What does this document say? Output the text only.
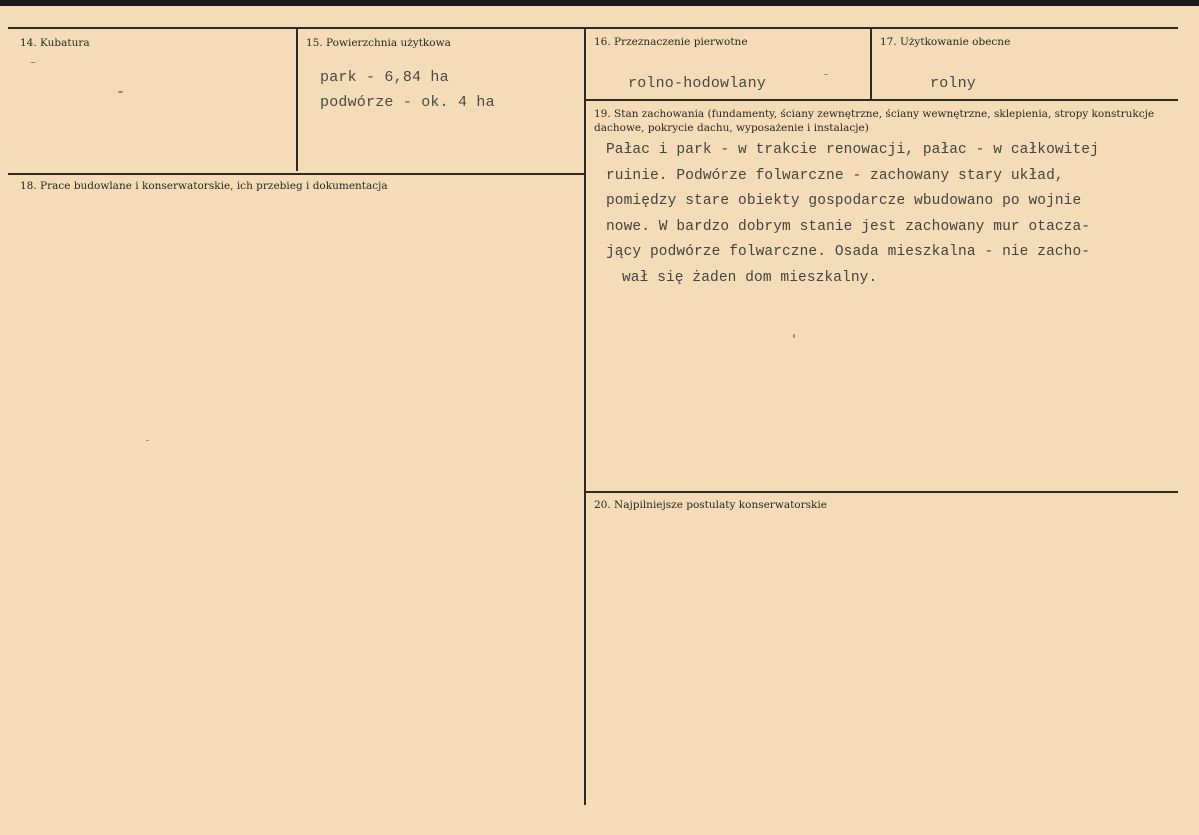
14. Kubatura
-
15. Powierzchnia użytkowa
park - 6,84 ha
podwórze - ok. 4 ha
16. Przeznaczenie pierwotne
rolno-hodowlany
17. Użytkowanie obecne
rolny
18. Prace budowlane i konserwatorskie, ich przebieg i dokumentacja
19. Stan zachowania (fundamenty, ściany zewnętrzne, ściany wewnętrzne, sklepienia, stropy konstrukcje dachowe, pokrycie dachu, wyposażenie i instalacje)
Pałac i park - w trakcie renowacji, pałac - w całkowitej
ruinie. Podwórze folwarczne - zachowany stary układ,
pomiędzy stare obiekty gospodarcze wbudowano po wojnie
nowe. W bardzo dobrym stanie jest zachowany mur otacza-
jący podwórze folwarczne. Osada mieszkalna - nie zacho-
wał się żaden dom mieszkalny.
20. Najpilniejsze postulaty konserwatorskie
